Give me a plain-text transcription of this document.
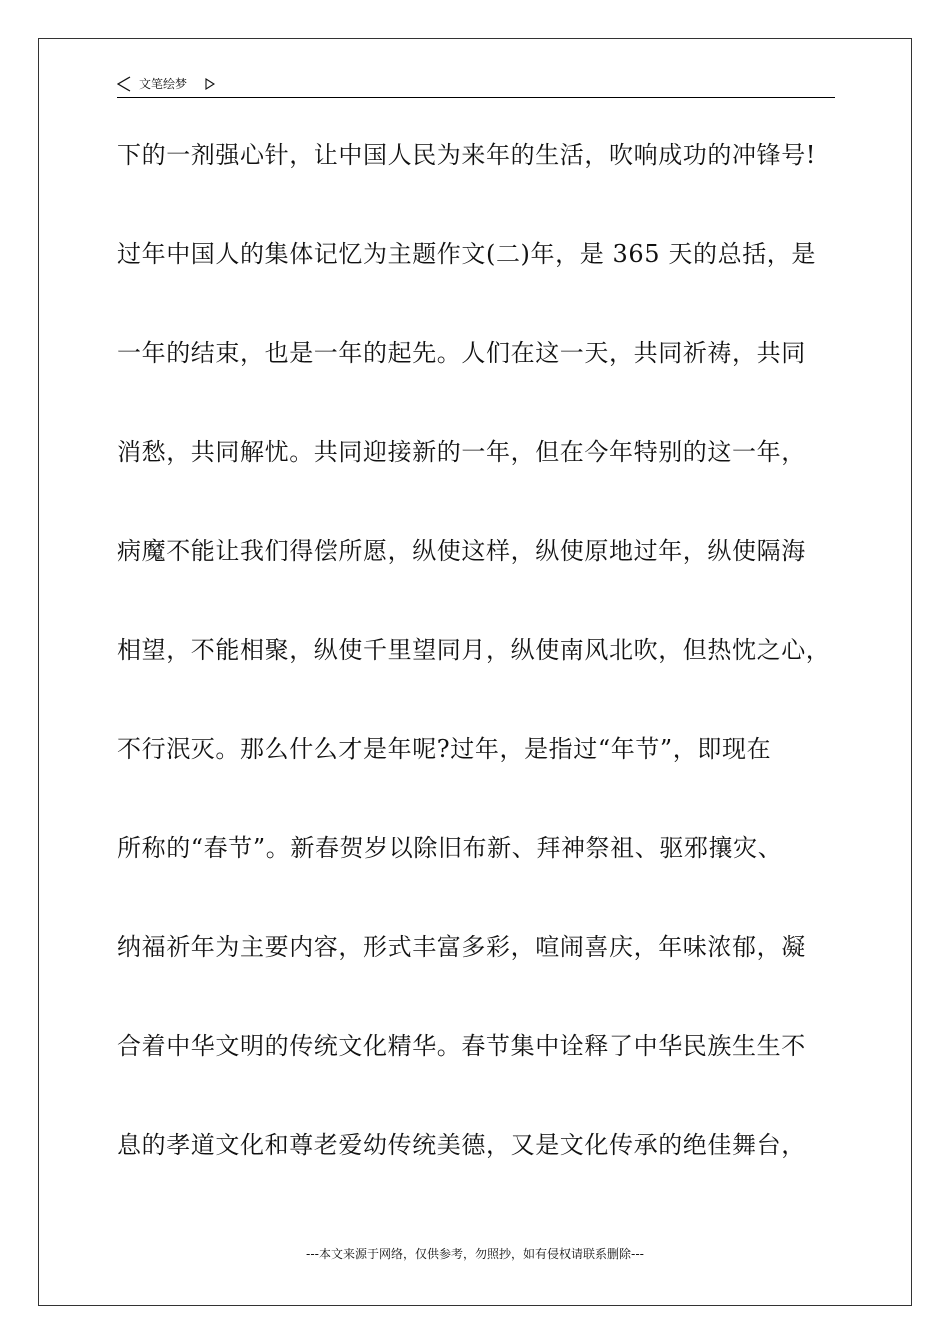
文笔绘梦
下的一剂强心针，让中国人民为来年的生活，吹响成功的冲锋号!
过年中国人的集体记忆为主题作文(二)年，是 365 天的总括，是
一年的结束，也是一年的起先。人们在这一天，共同祈祷，共同
消愁，共同解忧。共同迎接新的一年，但在今年特别的这一年，
病魔不能让我们得偿所愿，纵使这样，纵使原地过年，纵使隔海
相望，不能相聚，纵使千里望同月，纵使南风北吹，但热忱之心，
不行泯灭。那么什么才是年呢?过年，是指过“年节”，即现在
所称的“春节”。新春贺岁以除旧布新、拜神祭祖、驱邪攘灾、
纳福祈年为主要内容，形式丰富多彩，喧闹喜庆，年味浓郁，凝
合着中华文明的传统文化精华。春节集中诠释了中华民族生生不
息的孝道文化和尊老爱幼传统美德，又是文化传承的绝佳舞台，
---本文来源于网络，仅供参考，勿照抄，如有侵权请联系删除---
